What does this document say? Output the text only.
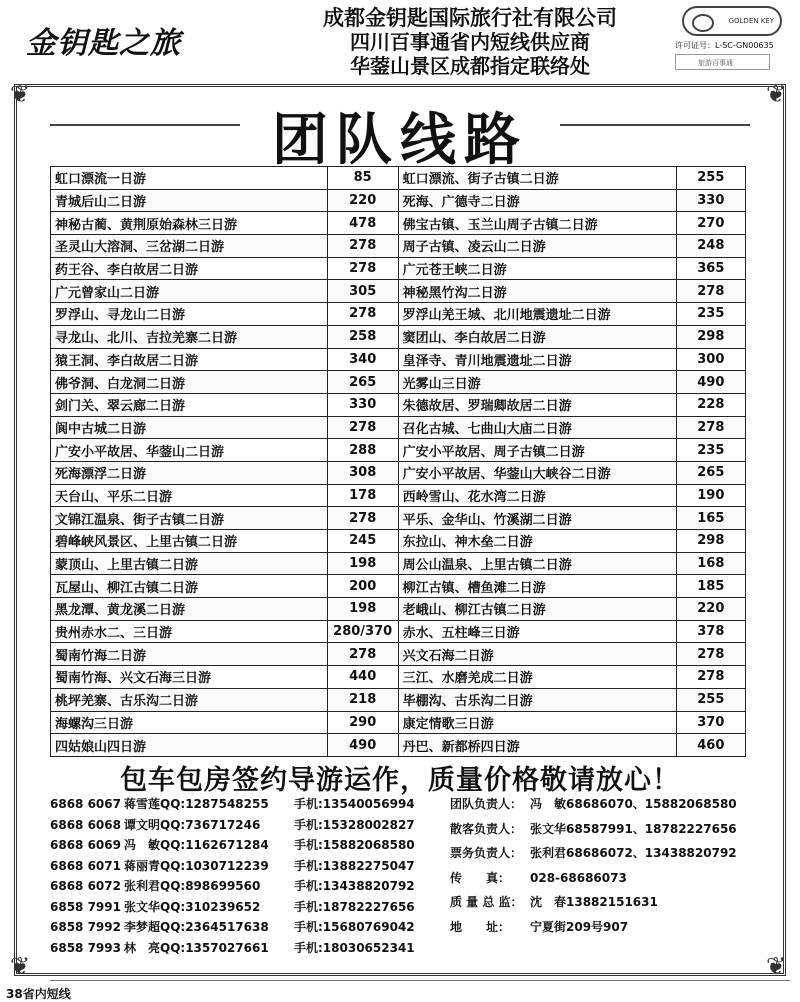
金钥匙之旅
成都金钥匙国际旅行社有限公司
四川百事通省内短线供应商
华蓥山景区成都指定联络处
GOLDEN KEY
许可证号：L-SC-GN00635
旅游百事通
❦	❦
❦	❦
团队线路
虹口漂流一日游	85	虹口漂流、街子古镇二日游	255
青城后山二日游	220	死海、广德寺二日游	330
神秘古蔺、黄荆原始森林三日游	478	佛宝古镇、玉兰山周子古镇二日游	270
圣灵山大溶洞、三岔湖二日游	278	周子古镇、凌云山二日游	248
药王谷、李白故居二日游	278	广元苍王峡二日游	365
广元曾家山二日游	305	神秘黑竹沟二日游	278
罗浮山、寻龙山二日游	278	罗浮山羌王城、北川地震遗址二日游	235
寻龙山、北川、吉拉羌寨二日游	258	窦团山、李白故居二日游	298
猿王洞、李白故居二日游	340	皇泽寺、青川地震遗址二日游	300
佛爷洞、白龙洞二日游	265	光雾山三日游	490
剑门关、翠云廊二日游	330	朱德故居、罗瑞卿故居二日游	228
阆中古城二日游	278	召化古城、七曲山大庙二日游	278
广安小平故居、华蓥山二日游	288	广安小平故居、周子古镇二日游	235
死海漂浮二日游	308	广安小平故居、华蓥山大峡谷二日游	265
天台山、平乐二日游	178	西岭雪山、花水湾二日游	190
文锦江温泉、街子古镇二日游	278	平乐、金华山、竹溪湖二日游	165
碧峰峡风景区、上里古镇二日游	245	东拉山、神木垒二日游	298
蒙顶山、上里古镇二日游	198	周公山温泉、上里古镇二日游	168
瓦屋山、柳江古镇二日游	200	柳江古镇、槽鱼滩二日游	185
黑龙潭、黄龙溪二日游	198	老峨山、柳江古镇二日游	220
贵州赤水二、三日游	280/370	赤水、五柱峰三日游	378
蜀南竹海二日游	278	兴文石海二日游	278
蜀南竹海、兴文石海三日游	440	三江、水磨羌成二日游	278
桃坪羌寨、古乐沟二日游	218	毕棚沟、古乐沟二日游	255
海螺沟三日游	290	康定情歌三日游	370
四姑娘山四日游	490	丹巴、新都桥四日游	460
包车包房签约导游运作，质量价格敬请放心！
6868 6067 蒋雪莲QQ:1287548255 手机:13540056994
6868 6068 谭文明QQ:736717246	手机:15328002827
6868 6069 冯　敏QQ:1162671284 手机:15882068580
6868 6071 蒋丽青QQ:1030712239 手机:13882275047
6868 6072 张利君QQ:898699560	手机:13438820792
6858 7991 张文华QQ:310239652	手机:18782227656
6858 7992 李梦超QQ:2364517638 手机:15680769042
6858 7993 林　亮QQ:1357027661 手机:18030652341
团队负责人： 冯　敏68686070、15882068580
散客负责人： 张文华68587991、18782227656
票务负责人： 张利君68686072、13438820792
传　　真： 028-68686073
质 量 总 监： 沈　春13882151631
地　　址： 宁夏街209号907
38省内短线
